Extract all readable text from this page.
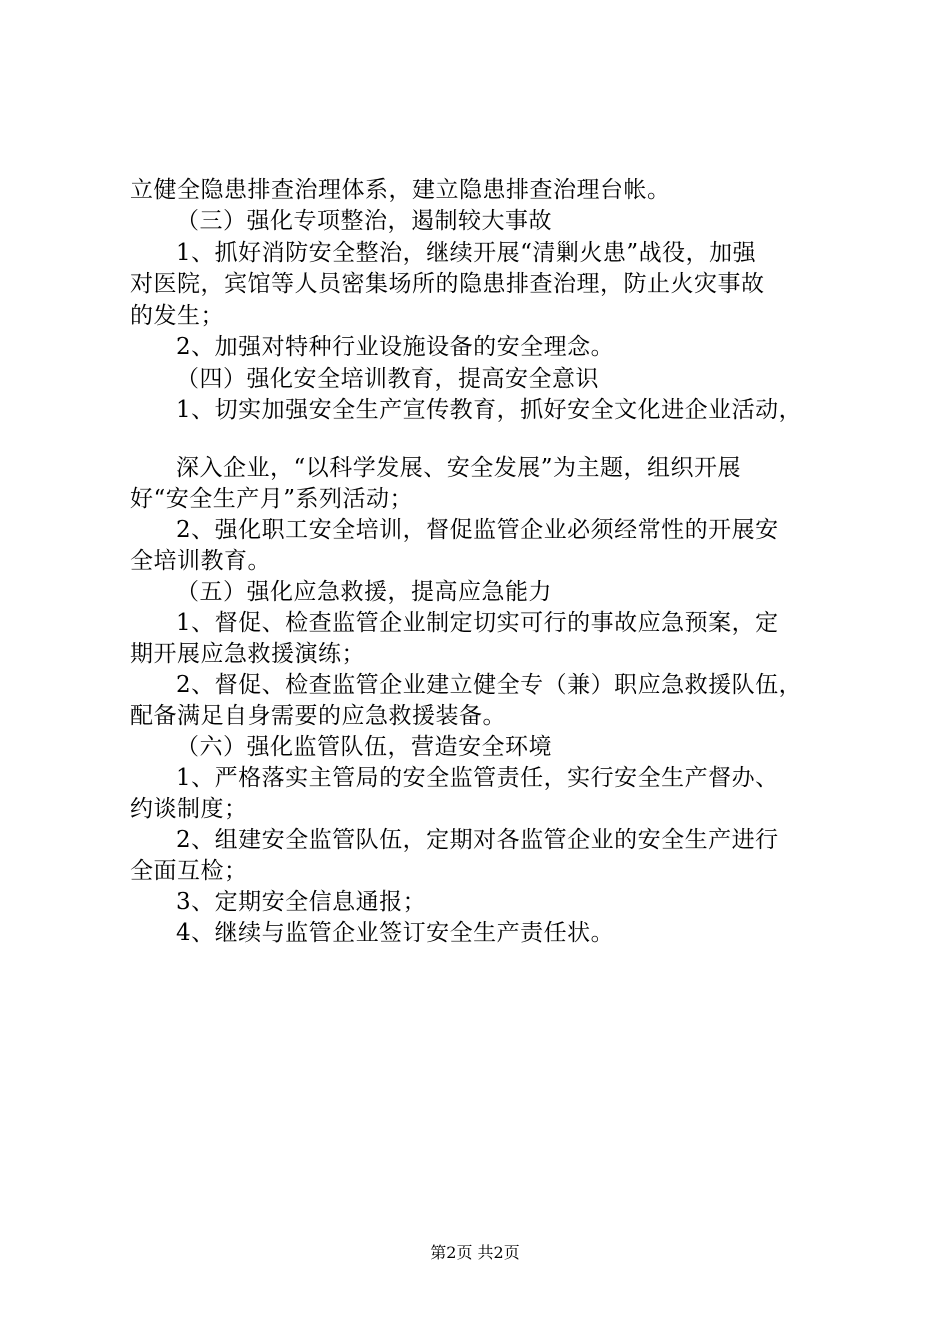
立健全隐患排查治理体系，建立隐患排查治理台帐。
（三）强化专项整治，遏制较大事故
1、抓好消防安全整治，继续开展“清剿火患”战役，加强
对医院，宾馆等人员密集场所的隐患排查治理，防止火灾事故
的发生；
2、加强对特种行业设施设备的安全理念。
（四）强化安全培训教育，提高安全意识
1、切实加强安全生产宣传教育，抓好安全文化进企业活动，
深入企业，“以科学发展、安全发展”为主题，组织开展
好“安全生产月”系列活动；
2、强化职工安全培训，督促监管企业必须经常性的开展安
全培训教育。
（五）强化应急救援，提高应急能力
1、督促、检查监管企业制定切实可行的事故应急预案，定
期开展应急救援演练；
2、督促、检查监管企业建立健全专（兼）职应急救援队伍，
配备满足自身需要的应急救援装备。
（六）强化监管队伍，营造安全环境
1、严格落实主管局的安全监管责任，实行安全生产督办、
约谈制度；
2、组建安全监管队伍，定期对各监管企业的安全生产进行
全面互检；
3、定期安全信息通报；
4、继续与监管企业签订安全生产责任状。
第2页 共2页
